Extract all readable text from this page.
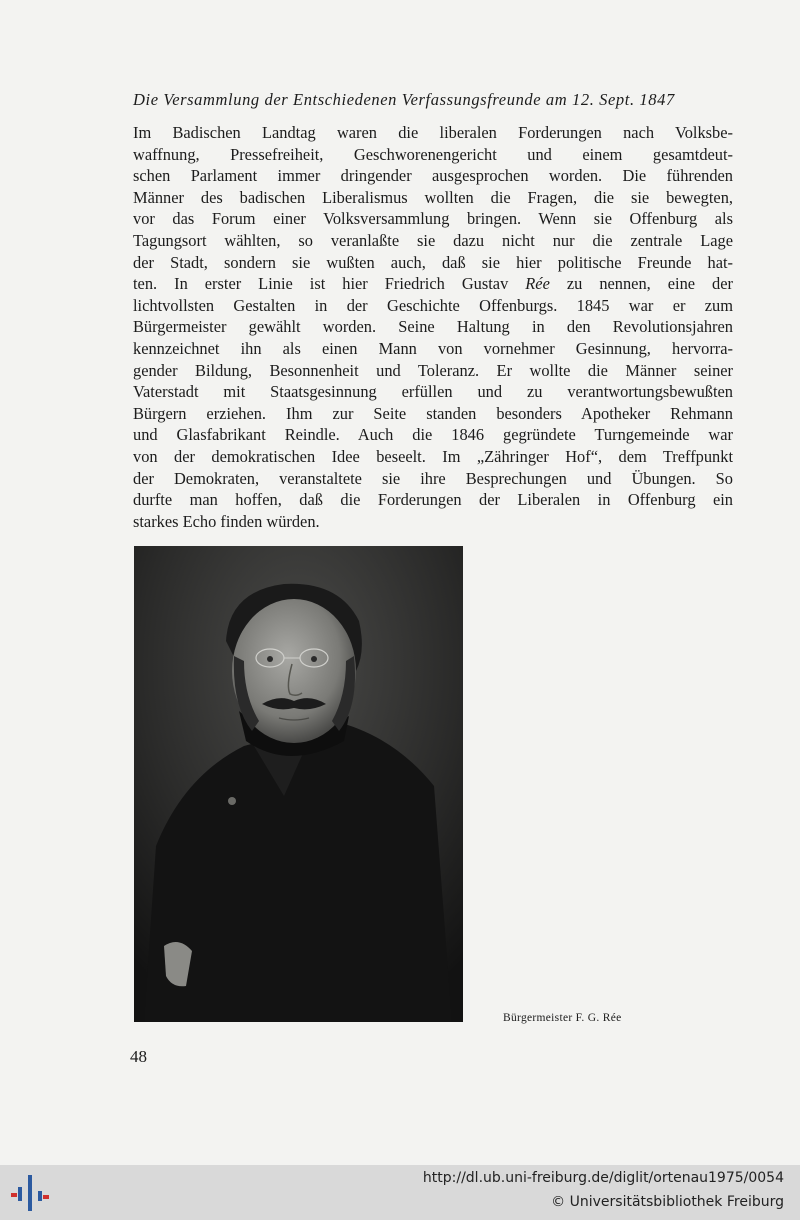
Die Versammlung der Entschiedenen Verfassungsfreunde am 12. Sept. 1847
Im Badischen Landtag waren die liberalen Forderungen nach Volksbe-
waffnung, Pressefreiheit, Geschworenengericht und einem gesamtdeut-
schen Parlament immer dringender ausgesprochen worden. Die führenden
Männer des badischen Liberalismus wollten die Fragen, die sie bewegten,
vor das Forum einer Volksversammlung bringen. Wenn sie Offenburg als
Tagungsort wählten, so veranlaßte sie dazu nicht nur die zentrale Lage
der Stadt, sondern sie wußten auch, daß sie hier politische Freunde hat-
ten. In erster Linie ist hier Friedrich Gustav Rée zu nennen, eine der
lichtvollsten Gestalten in der Geschichte Offenburgs. 1845 war er zum
Bürgermeister gewählt worden. Seine Haltung in den Revolutionsjahren
kennzeichnet ihn als einen Mann von vornehmer Gesinnung, hervorra-
gender Bildung, Besonnenheit und Toleranz. Er wollte die Männer seiner
Vaterstadt mit Staatsgesinnung erfüllen und zu verantwortungsbewußten
Bürgern erziehen. Ihm zur Seite standen besonders Apotheker Rehmann
und Glasfabrikant Reindle. Auch die 1846 gegründete Turngemeinde war
von der demokratischen Idee beseelt. Im „Zähringer Hof“, dem Treffpunkt
der Demokraten, veranstaltete sie ihre Besprechungen und Übungen. So
durfte man hoffen, daß die Forderungen der Liberalen in Offenburg ein
starkes Echo finden würden.
Bürgermeister F. G. Rée
48
http://dl.ub.uni-freiburg.de/diglit/ortenau1975/0054
© Universitätsbibliothek Freiburg
